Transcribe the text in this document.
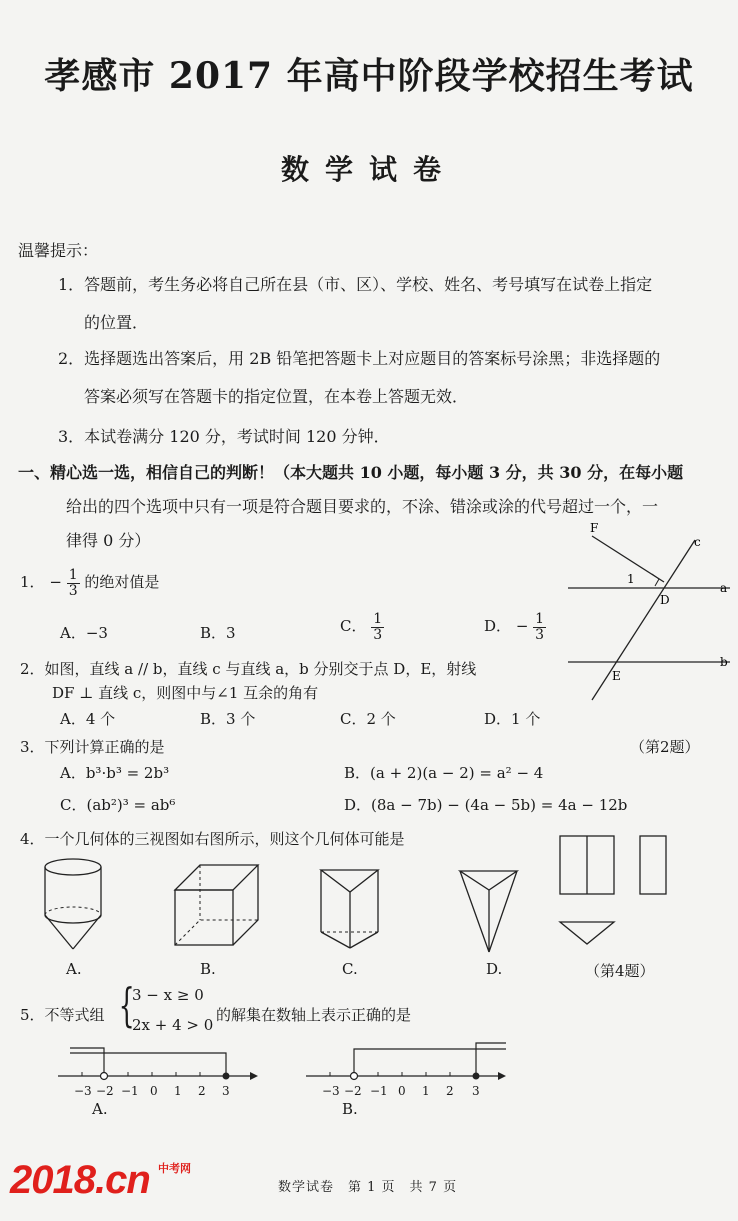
孝感市 2017 年高中阶段学校招生考试
数学试卷
温馨提示：
1．答题前，考生务必将自己所在县（市、区）、学校、姓名、考号填写在试卷上指定
的位置．
2．选择题选出答案后，用 2B 铅笔把答题卡上对应题目的答案标号涂黑；非选择题的
答案必须写在答题卡的指定位置，在本卷上答题无效．
3．本试卷满分 120 分，考试时间 120 分钟．
一、精心选一选，相信自己的判断！（本大题共 10 小题，每小题 3 分，共 30 分，在每小题
给出的四个选项中只有一项是符合题目要求的，不涂、错涂或涂的代号超过一个，一
律得 0 分）
1． − $\frac{1}{3}$ 的绝对值是
A．−3	B．3	C． $\frac{1}{3}$	D． − $\frac{1}{3}$
F
c
1
D
a
E
b
2．如图，直线 a // b，直线 c 与直线 a，b 分别交于点 D，E，射线
DF ⊥ 直线 c，则图中与∠1 互余的角有
A．4 个	B．3 个	C．2 个	D．1 个
（第2题）
3．下列计算正确的是
A．b³·b³ = 2b³	B．(a + 2)(a − 2) = a² − 4
C．(ab²)³ = ab⁶	D．(8a − 7b) − (4a − 5b) = 4a − 12b
4．一个几何体的三视图如右图所示，则这个几何体可能是
A.	B.	C.	D.	（第4题）
5．不等式组 {
3 − x ≥ 0
2x + 4 > 0
的解集在数轴上表示正确的是
−3 −2 −1 0 1 2 3
A.
−3 −2 −1 0 1 2 3
B.
2018.cn 中考网
数学试卷　第 1 页　共 7 页
